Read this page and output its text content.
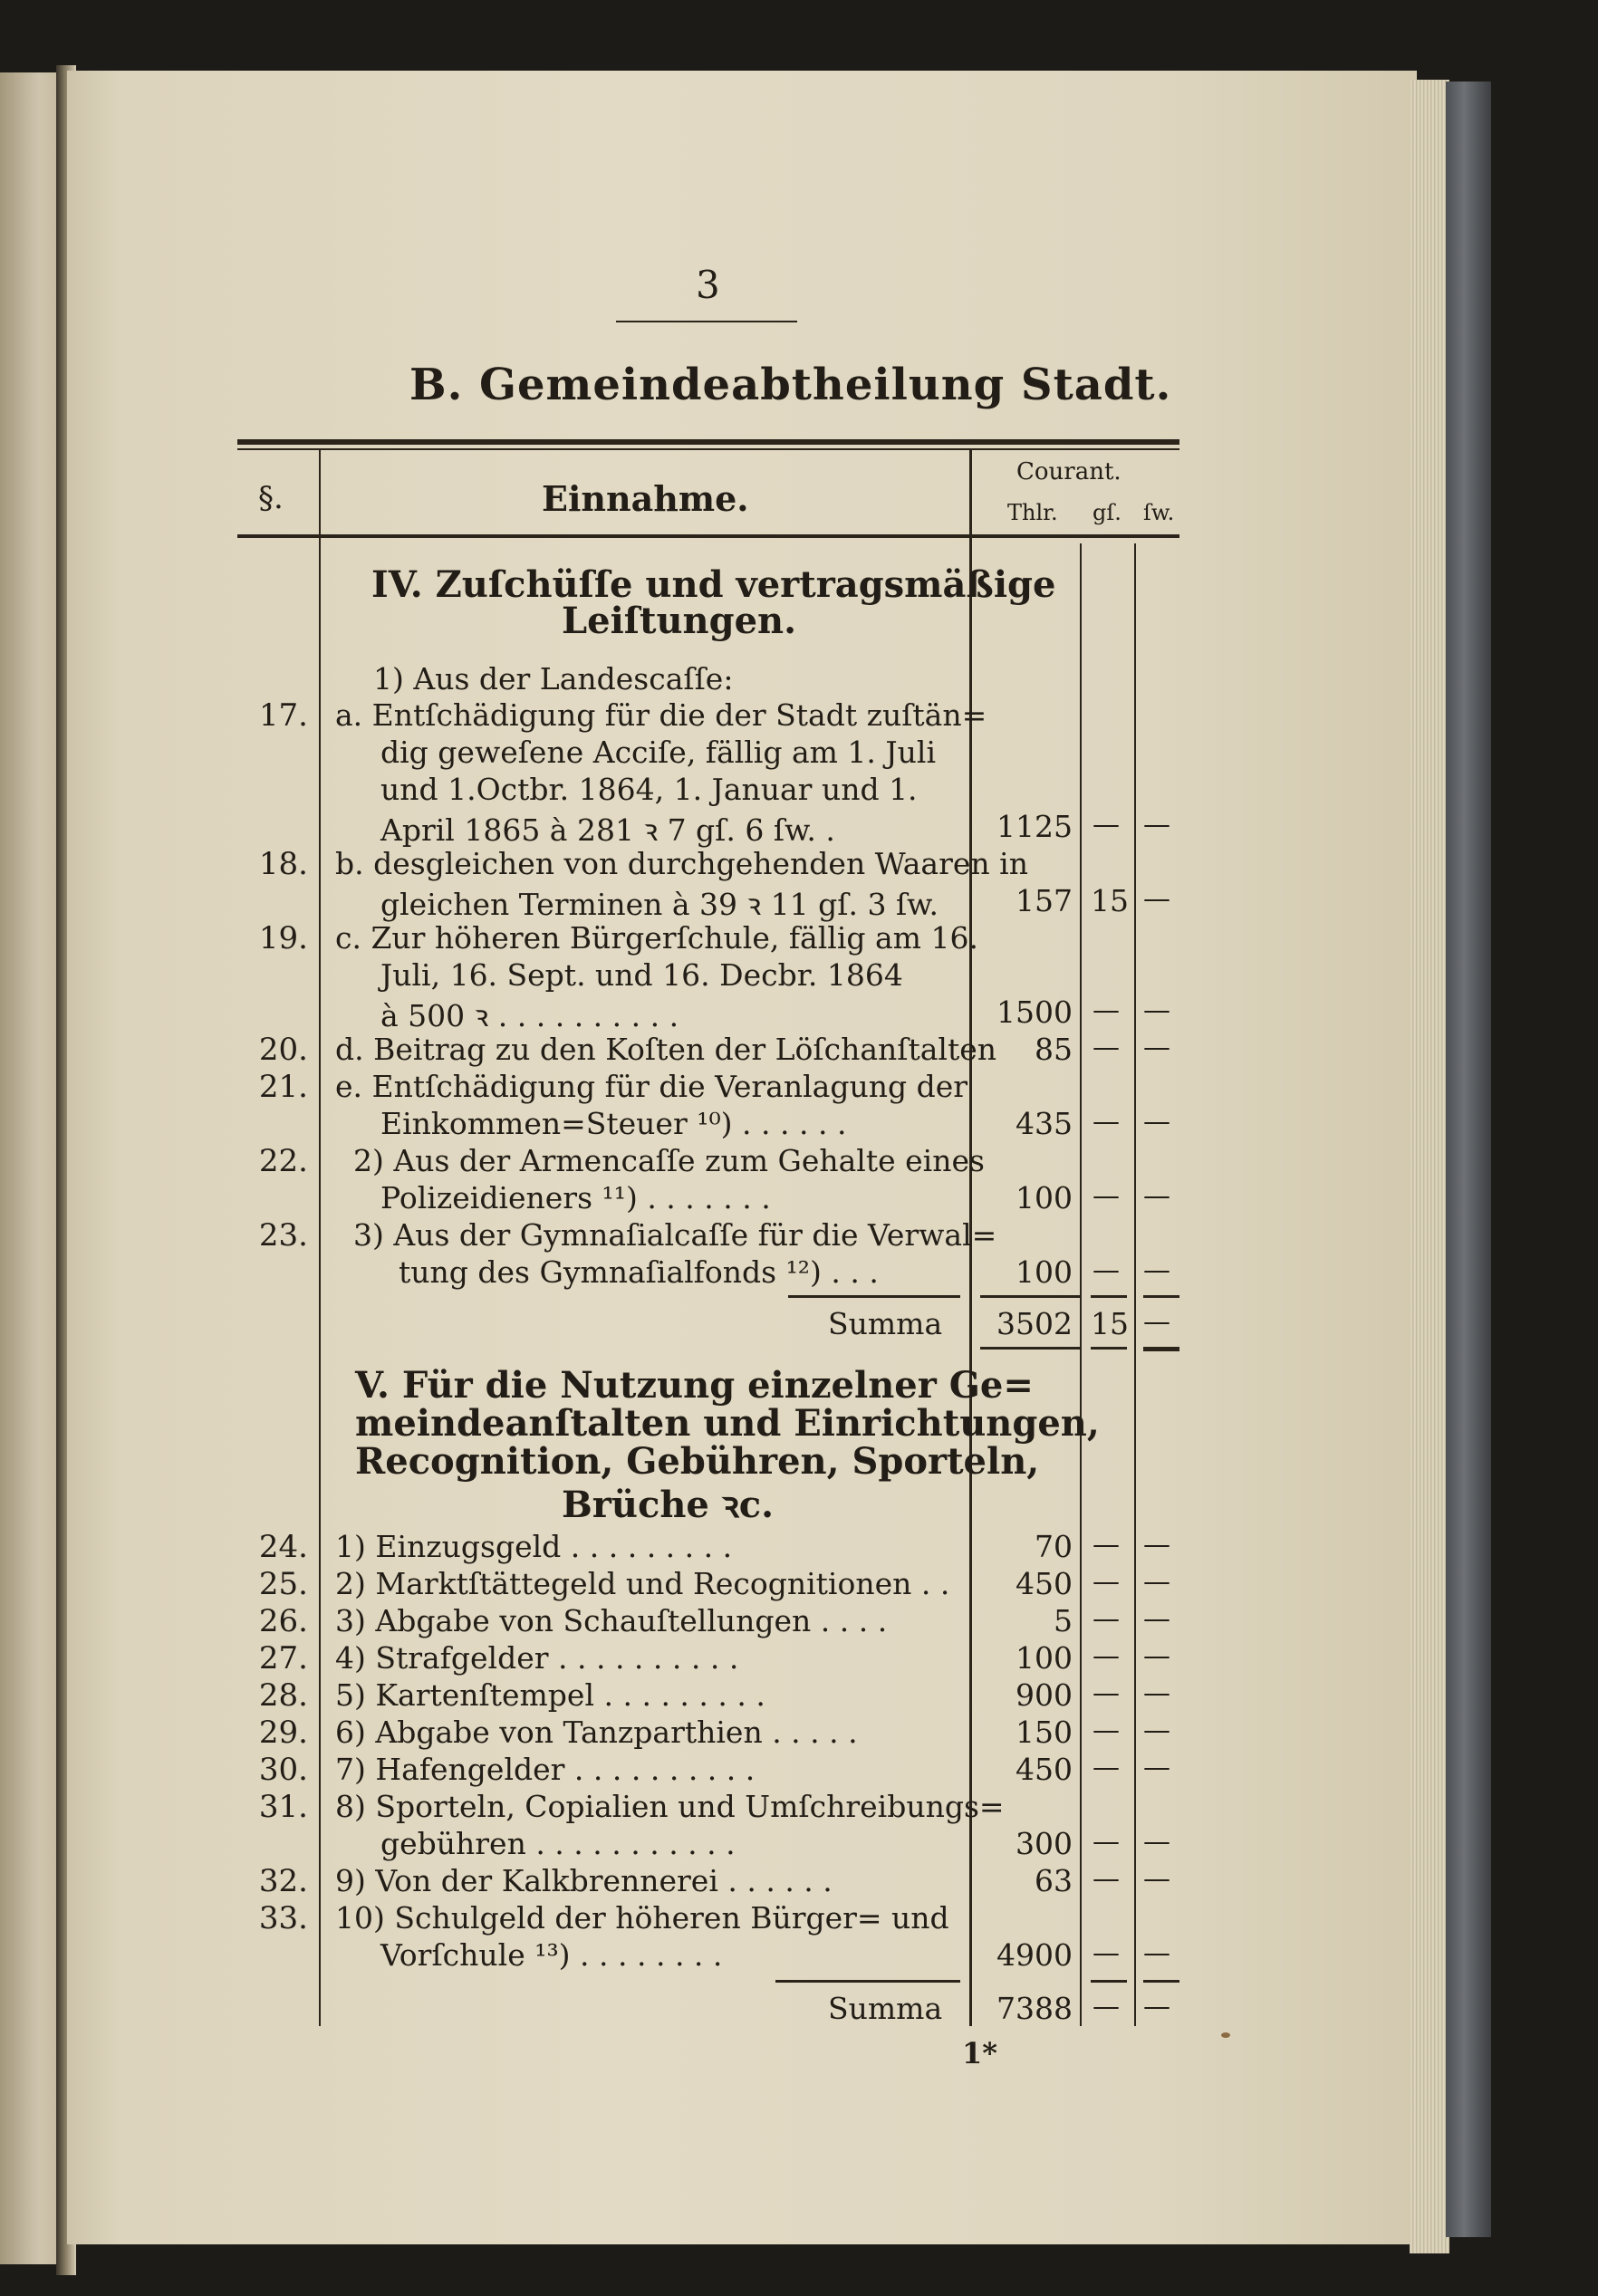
3
B. Gemeindeabtheilung Stadt.
§.	Einnahme.
Courant.
Thlr. gſ. ſw.
IV. Zuſchüſſe und vertragsmäßige
Leiſtungen.
1) Aus der Landescaſſe:
17. a. Entſchädigung für die der Stadt zuſtän=
dig geweſene Acciſe, fällig am 1. Juli
und 1.Octbr. 1864, 1. Januar und 1.
April 1865 à 281 ꝛ 7 gſ. 6 ſw. .	1125 — —
18. b. desgleichen von durchgehenden Waaren in
gleichen Terminen à 39 ꝛ 11 gſ. 3 ſw.	157 15 —
19. c. Zur höheren Bürgerſchule, fällig am 16.
Juli, 16. Sept. und 16. Decbr. 1864
à 500 ꝛ . . . . . . . . . .	1500 — —
20. d. Beitrag zu den Koſten der Löſchanſtalten	85 — —
21. e. Entſchädigung für die Veranlagung der
Einkommen=Steuer ¹⁰) . . . . . .	435 — —
22. 2) Aus der Armencaſſe zum Gehalte eines
Polizeidieners ¹¹) . . . . . . .	100 — —
23. 3) Aus der Gymnaſialcaſſe für die Verwal=
tung des Gymnaſialfonds ¹²) . . .	100 — —
Summa	3502 15 —
V. Für die Nutzung einzelner Ge=
meindeanſtalten und Einrichtungen,
Recognition, Gebühren, Sporteln,
Brüche ꝛc.
24. 1) Einzugsgeld . . . . . . . . .	70 — —
25. 2) Marktſtättegeld und Recognitionen . .	450 — —
26. 3) Abgabe von Schauſtellungen . . . .	5 — —
27. 4) Strafgelder . . . . . . . . . .	100 — —
28. 5) Kartenſtempel . . . . . . . . .	900 — —
29. 6) Abgabe von Tanzparthien . . . . .	150 — —
30. 7) Hafengelder . . . . . . . . . .	450 — —
31. 8) Sporteln, Copialien und Umſchreibungs=
gebühren . . . . . . . . . . .	300 — —
32. 9) Von der Kalkbrennerei . . . . . .	63 — —
33. 10) Schulgeld der höheren Bürger= und
Vorſchule ¹³) . . . . . . . .	4900 — —
Summa	7388 — —
1*
